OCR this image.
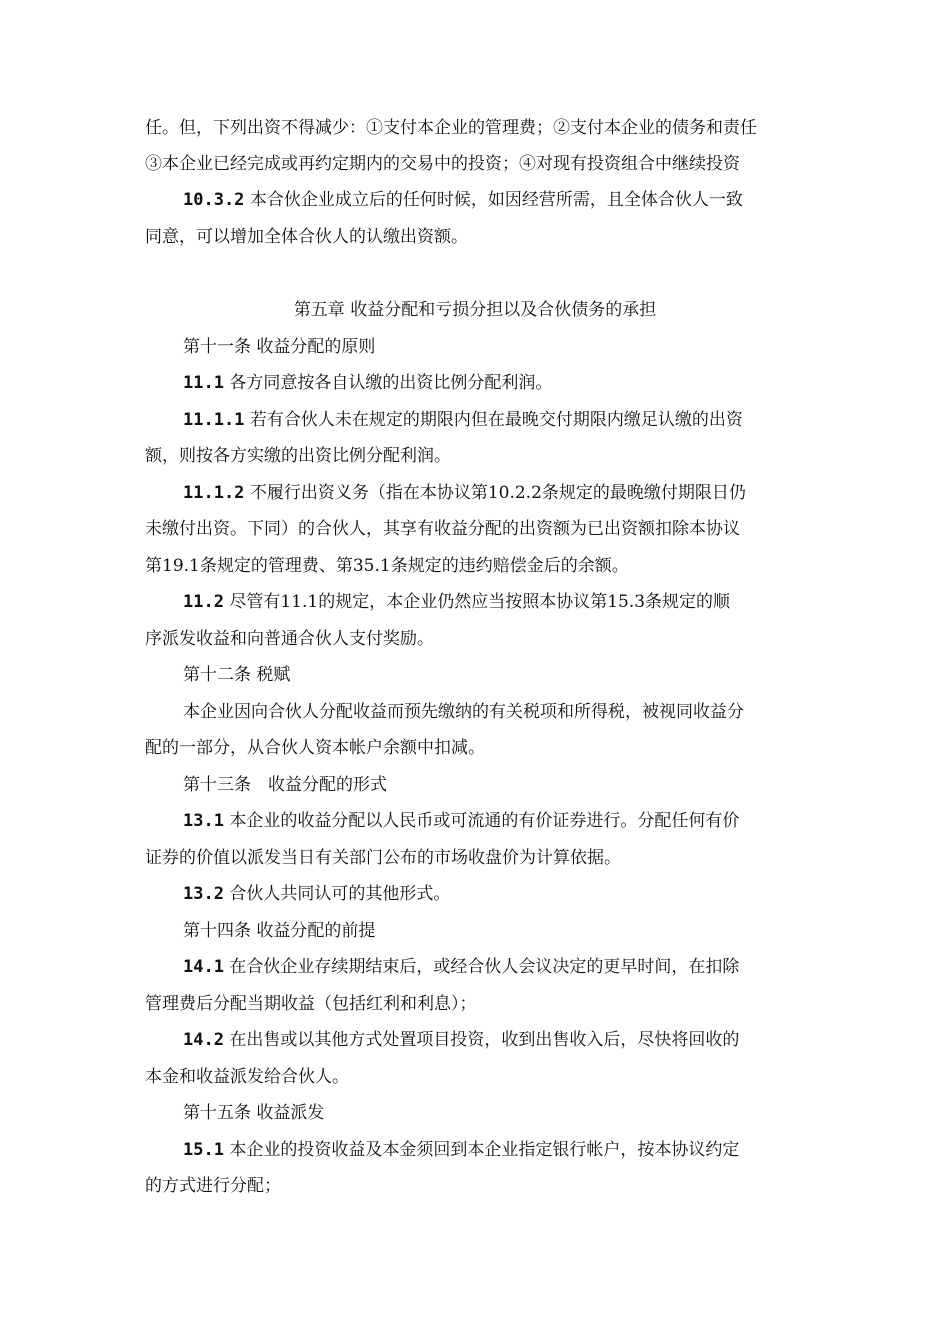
任。但，下列出资不得减少：①支付本企业的管理费；②支付本企业的债务和责任
③本企业已经完成或再约定期内的交易中的投资；④对现有投资组合中继续投资
10.3.2 本合伙企业成立后的任何时候，如因经营所需，且全体合伙人一致
同意，可以增加全体合伙人的认缴出资额。
第五章 收益分配和亏损分担以及合伙债务的承担
第十一条 收益分配的原则
11.1 各方同意按各自认缴的出资比例分配利润。
11.1.1 若有合伙人未在规定的期限内但在最晚交付期限内缴足认缴的出资
额，则按各方实缴的出资比例分配利润。
11.1.2 不履行出资义务（指在本协议第10.2.2条规定的最晚缴付期限日仍
未缴付出资。下同）的合伙人，其享有收益分配的出资额为已出资额扣除本协议
第19.1条规定的管理费、第35.1条规定的违约赔偿金后的余额。
11.2 尽管有11.1的规定，本企业仍然应当按照本协议第15.3条规定的顺
序派发收益和向普通合伙人支付奖励。
第十二条 税赋
本企业因向合伙人分配收益而预先缴纳的有关税项和所得税，被视同收益分
配的一部分，从合伙人资本帐户余额中扣减。
第十三条　收益分配的形式
13.1 本企业的收益分配以人民币或可流通的有价证券进行。分配任何有价
证券的价值以派发当日有关部门公布的市场收盘价为计算依据。
13.2 合伙人共同认可的其他形式。
第十四条 收益分配的前提
14.1 在合伙企业存续期结束后，或经合伙人会议决定的更早时间，在扣除
管理费后分配当期收益（包括红利和利息）；
14.2 在出售或以其他方式处置项目投资，收到出售收入后，尽快将回收的
本金和收益派发给合伙人。
第十五条 收益派发
15.1 本企业的投资收益及本金须回到本企业指定银行帐户，按本协议约定
的方式进行分配；
